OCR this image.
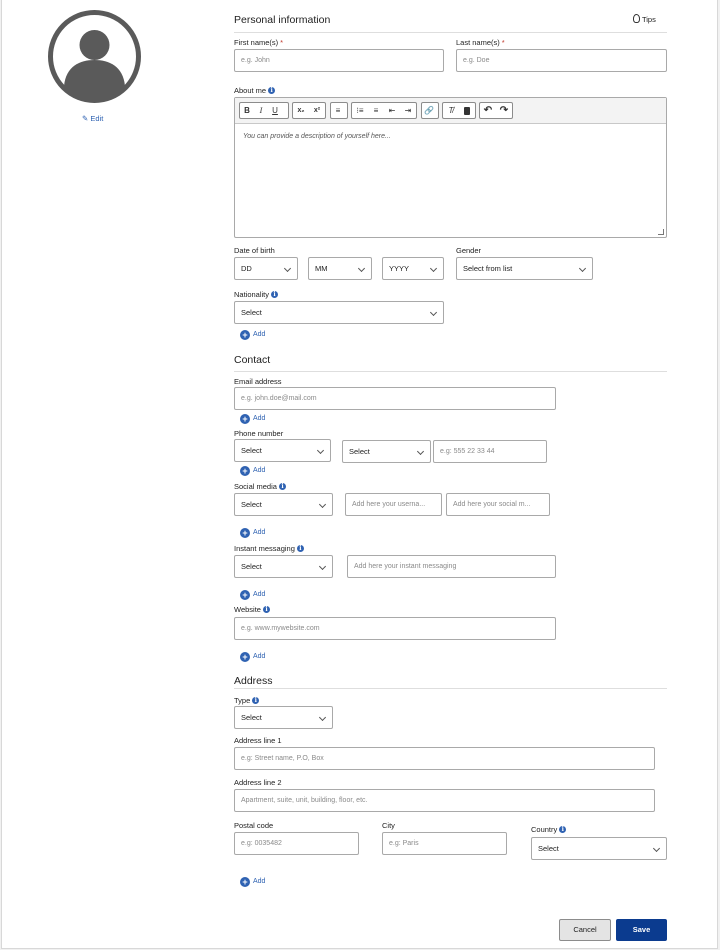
✎ Edit
Personal information	Tips
First name(s) *
e.g. John
Last name(s) *
e.g. Doe
About me i
B	I	U	x₂	x²	≡	⁝≡	≡	⇤	⇥	🔗	T̸	↶ ↷
You can provide a description of yourself here...
Date of birth
DD	MM	YYYY
Gender
Select from list
Nationality i
Select
+ Add
Contact
Email address
e.g. john.doe@mail.com
+ Add
Phone number
Select	Select	e.g: 555 22 33 44
+ Add
Social media i
Select	Add here your userna...	Add here your social m...
+ Add
Instant messaging i
Select	Add here your instant messaging
+ Add
Website i
e.g. www.mywebsite.com
+ Add
Address
Type i
Select
Address line 1
e.g: Street name, P.O, Box
Address line 2
Apartment, suite, unit, building, floor, etc.
Postal code
e.g: 0035482
City
e.g: Paris
Country i
Select
+ Add
Cancel	Save
